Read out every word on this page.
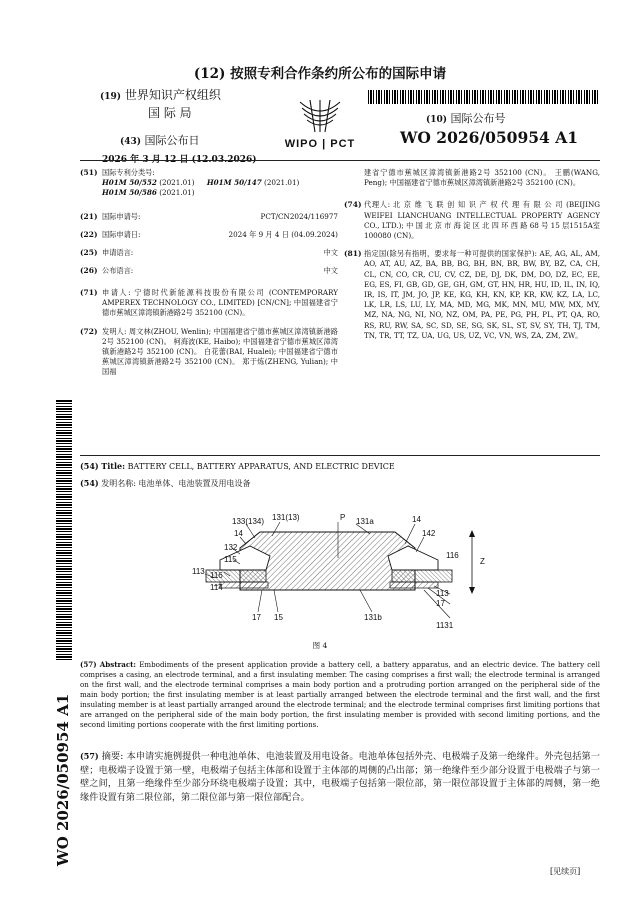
(12) 按照专利合作条约所公布的国际申请
(19) 世界知识产权组织
国 际 局
(43) 国际公布日
2026 年 3 月 12 日 (12.03.2026)
WIPO | PCT
(10) 国际公布号
WO 2026/050954 A1
(51) 国际专利分类号:
H01M 50/552 (2021.01) H01M 50/147 (2021.01)
H01M 50/586 (2021.01)
(21) 国际申请号:	PCT/CN2024/116977
(22) 国际申请日:	2024 年 9 月 4 日 (04.09.2024)
(25) 申请语言:	中文
(26) 公布语言:	中文
(71) 申请人: 宁德时代新能源科技股份有限公司 (CONTEMPORARY AMPEREX TECHNOLOGY CO., LIMITED) [CN/CN]; 中国福建省宁德市蕉城区漳湾镇新港路2号 352100 (CN)。
(72) 发明人: 周文林(ZHOU, Wenlin); 中国福建省宁德市蕉城区漳湾镇新港路2号 352100 (CN)。 柯海波(KE, Haibo); 中国福建省宁德市蕉城区漳湾镇新港路2号 352100 (CN)。 白花蕾(BAI, Hualei); 中国福建省宁德市蕉城区漳湾镇新港路2号 352100 (CN)。 郑于炼(ZHENG, Yulian); 中国福
建省宁德市蕉城区漳湾镇新港路2号 352100 (CN)。 王鹏(WANG, Peng); 中国福建省宁德市蕉城区漳湾镇新港路2号 352100 (CN)。
(74) 代理人: 北 京 维 飞 联 创 知 识 产 权 代 理 有 限 公 司 (BEIJING WEIFEI LIANCHUANG INTELLECTUAL PROPERTY AGENCY CO., LTD.); 中 国 北 京 市 海 淀 区 北 四 环 西 路 68 号 15 层1515A室 100080 (CN)。
(81) 指定国(除另有指明，要求每一种可提供的国家保护): AE, AG, AL, AM, AO, AT, AU, AZ, BA, BB, BG, BH, BN, BR, BW, BY, BZ, CA, CH, CL, CN, CO, CR, CU, CV, CZ, DE, DJ, DK, DM, DO, DZ, EC, EE, EG, ES, FI, GB, GD, GE, GH, GM, GT, HN, HR, HU, ID, IL, IN, IQ, IR, IS, IT, JM, JO, JP, KE, KG, KH, KN, KP, KR, KW, KZ, LA, LC, LK, LR, LS, LU, LY, MA, MD, MG, MK, MN, MU, MW, MX, MY, MZ, NA, NG, NI, NO, NZ, OM, PA, PE, PG, PH, PL, PT, QA, RO, RS, RU, RW, SA, SC, SD, SE, SG, SK, SL, ST, SV, SY, TH, TJ, TM, TN, TR, TT, TZ, UA, UG, US, UZ, VC, VN, WS, ZA, ZM, ZW。
(54) Title: BATTERY CELL, BATTERY APPARATUS, AND ELECTRIC DEVICE
(54) 发明名称: 电池单体、电池装置及用电设备
133(134) 131(13)	P 131a
14
14
142
132
115	116
113 116
114
17 15	131b
113
17
1131
Z
图 4
(57) Abstract: Embodiments of the present application provide a battery cell, a battery apparatus, and an electric device. The battery cell comprises a casing, an electrode terminal, and a first insulating member. The casing comprises a first wall; the electrode terminal is arranged on the first wall, and the electrode terminal comprises a main body portion and a protruding portion arranged on the peripheral side of the main body portion; the first insulating member is at least partially arranged between the electrode terminal and the first wall, and the first insulating member is at least partially arranged around the electrode terminal; and the electrode terminal comprises first limiting portions that are arranged on the peripheral side of the main body portion, the first insulating member is provided with second limiting portions, and the second limiting portions cooperate with the first limiting portions.
(57) 摘要: 本申请实施例提供一种电池单体、电池装置及用电设备。电池单体包括外壳、电极端子及第一绝缘件。外壳包括第一壁；电极端子设置于第一壁，电极端子包括主体部和设置于主体部的周侧的凸出部；第一绝缘件至少部分设置于电极端子与第一壁之间，且第一绝缘件至少部分环绕电极端子设置；其中，电极端子包括第一限位部，第一限位部设置于主体部的周侧，第一绝缘件设置有第二限位部，第二限位部与第一限位部配合。
WO 2026/050954 A1
[见续页]
